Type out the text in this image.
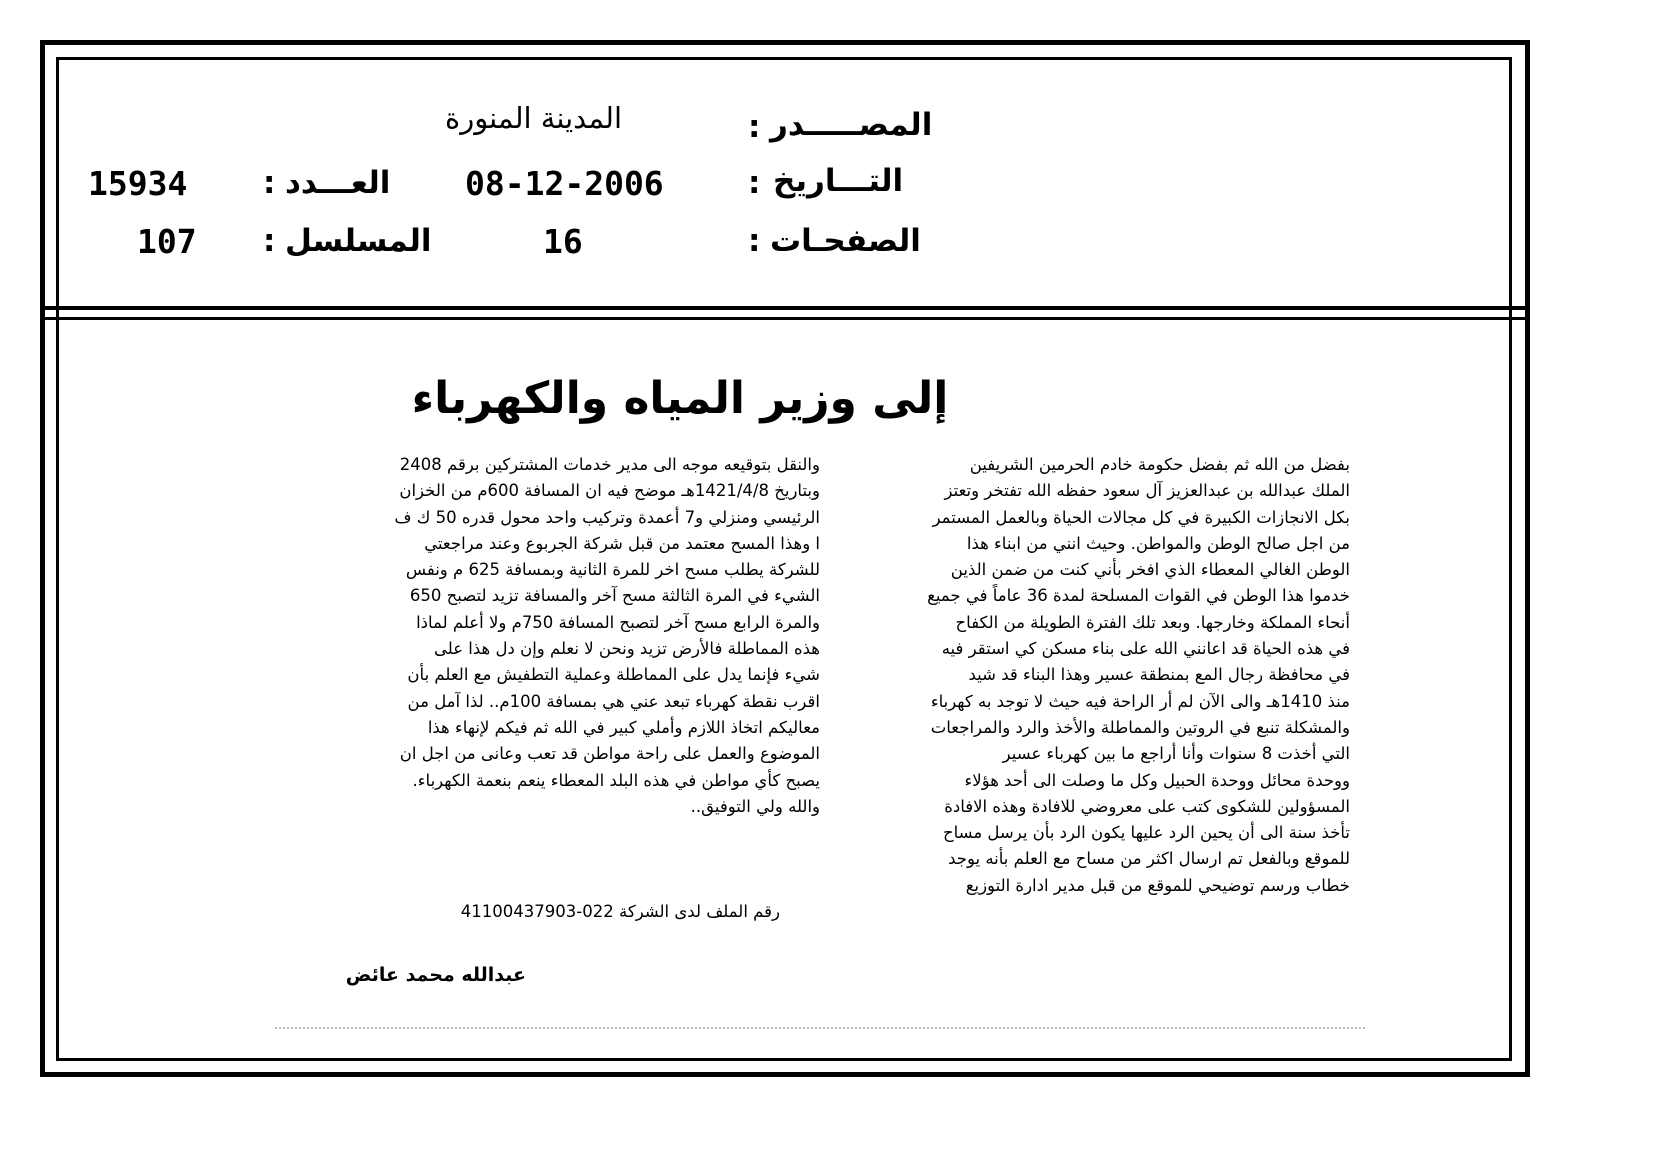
المصـــــدر
:
المدينة المنورة
التـــاريخ
:
08-12-2006
العـــدد
:
15934
الصفحـات
:
16
المسلسل
:
107
إلى وزير المياه والكهرباء

بفضل من الله ثم بفضل حكومة خادم الحرمين الشريفين

الملك عبدالله بن عبدالعزيز آل سعود حفظه الله تفتخر وتعتز

بكل الانجازات الكبيرة في كل مجالات الحياة وبالعمل المستمر

من اجل صالح الوطن والمواطن. وحيث انني من ابناء هذا

الوطن الغالي المعطاء الذي افخر بأني كنت من ضمن الذين

خدموا هذا الوطن في القوات المسلحة لمدة 36 عاماً في جميع

أنحاء المملكة وخارجها. وبعد تلك الفترة الطويلة من الكفاح

في هذه الحياة قد اعانني الله على بناء مسكن كي استقر فيه

في محافظة رجال المع بمنطقة عسير وهذا البناء قد شيد

منذ 1410هـ والى الآن لم أر الراحة فيه حيث لا توجد به كهرباء

والمشكلة تنبع في الروتين والمماطلة والأخذ والرد والمراجعات

التي أخذت 8 سنوات وأنا أراجع ما بين كهرباء عسير

ووحدة محائل ووحدة الحبيل وكل ما وصلت الى أحد هؤلاء

المسؤولين للشكوى كتب على معروضي للافادة وهذه الافادة

تأخذ سنة الى أن يحين الرد عليها يكون الرد بأن يرسل مساح

للموقع وبالفعل تم ارسال اكثر من مساح مع العلم بأنه يوجد

خطاب ورسم توضيحي للموقع من قبل مدير ادارة التوزيع

والنقل بتوقيعه موجه الى مدير خدمات المشتركين برقم 2408

وبتاريخ 1421/4/8هـ موضح فيه ان المسافة 600م من الخزان

الرئيسي ومنزلي و7 أعمدة وتركيب واحد محول قدره 50 ك ف

ا وهذا المسح معتمد من قبل شركة الجربوع وعند مراجعتي

للشركة يطلب مسح اخر للمرة الثانية وبمسافة 625 م ونفس

الشيء في المرة الثالثة مسح آخر والمسافة تزيد لتصبح 650

والمرة الرابع مسح آخر لتصبح المسافة 750م ولا أعلم لماذا

هذه المماطلة فالأرض تزيد ونحن لا نعلم وإن دل هذا على

شيء فإنما يدل على المماطلة وعملية التطفيش مع العلم بأن

اقرب نقطة كهرباء تبعد عني هي بمسافة 100م.. لذا آمل من

معاليكم اتخاذ اللازم وأملي كبير في الله ثم فيكم لإنهاء هذا

الموضوع والعمل على راحة مواطن قد تعب وعانى من اجل ان

يصبح كأي مواطن في هذه البلد المعطاء ينعم بنعمة الكهرباء.

والله ولي التوفيق..

رقم الملف لدى الشركة 022-41100437903
عبدالله محمد عائض
